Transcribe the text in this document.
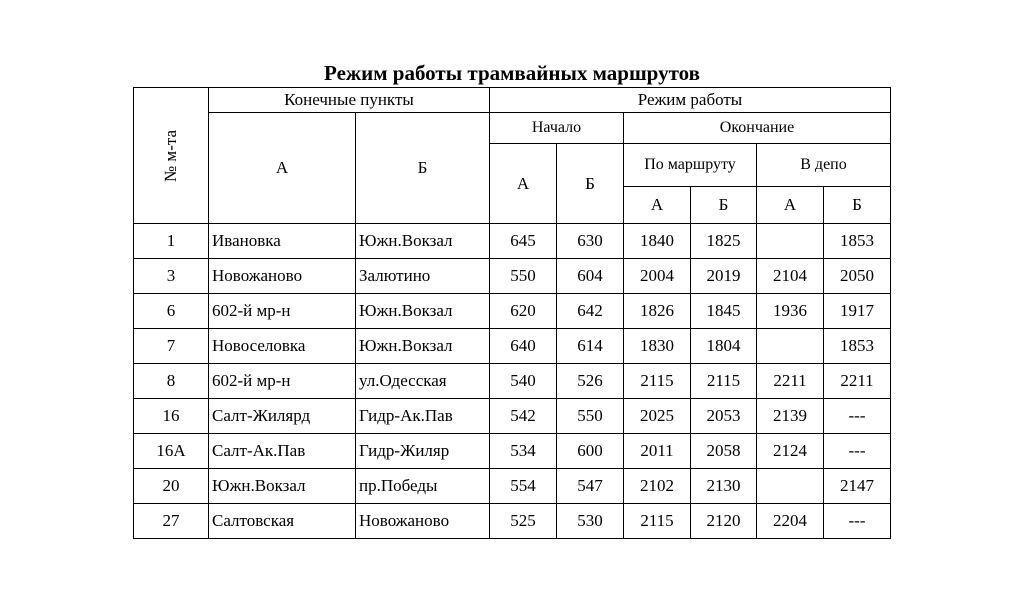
Режим работы трамвайных маршрутов
№ м-та	Конечные пункты		Режим работы					
	А	Б	Начало		Окончание			
			А	Б	По маршруту		В депо	
					А	Б	А	Б
1	Ивановка	Южн.Вокзал	645	630	1840	1825		1853
3	Новожаново	Залютино	550	604	2004	2019	2104	2050
6	602-й мр-н	Южн.Вокзал	620	642	1826	1845	1936	1917
7	Новоселовка	Южн.Вокзал	640	614	1830	1804		1853
8	602-й мр-н	ул.Одесская	540	526	2115	2115	2211	2211
16	Салт-Жилярд	Гидр-Ак.Пав	542	550	2025	2053	2139	---
16А	Салт-Ак.Пав	Гидр-Жиляр	534	600	2011	2058	2124	---
20	Южн.Вокзал	пр.Победы	554	547	2102	2130		2147
27	Салтовская	Новожаново	525	530	2115	2120	2204	---
